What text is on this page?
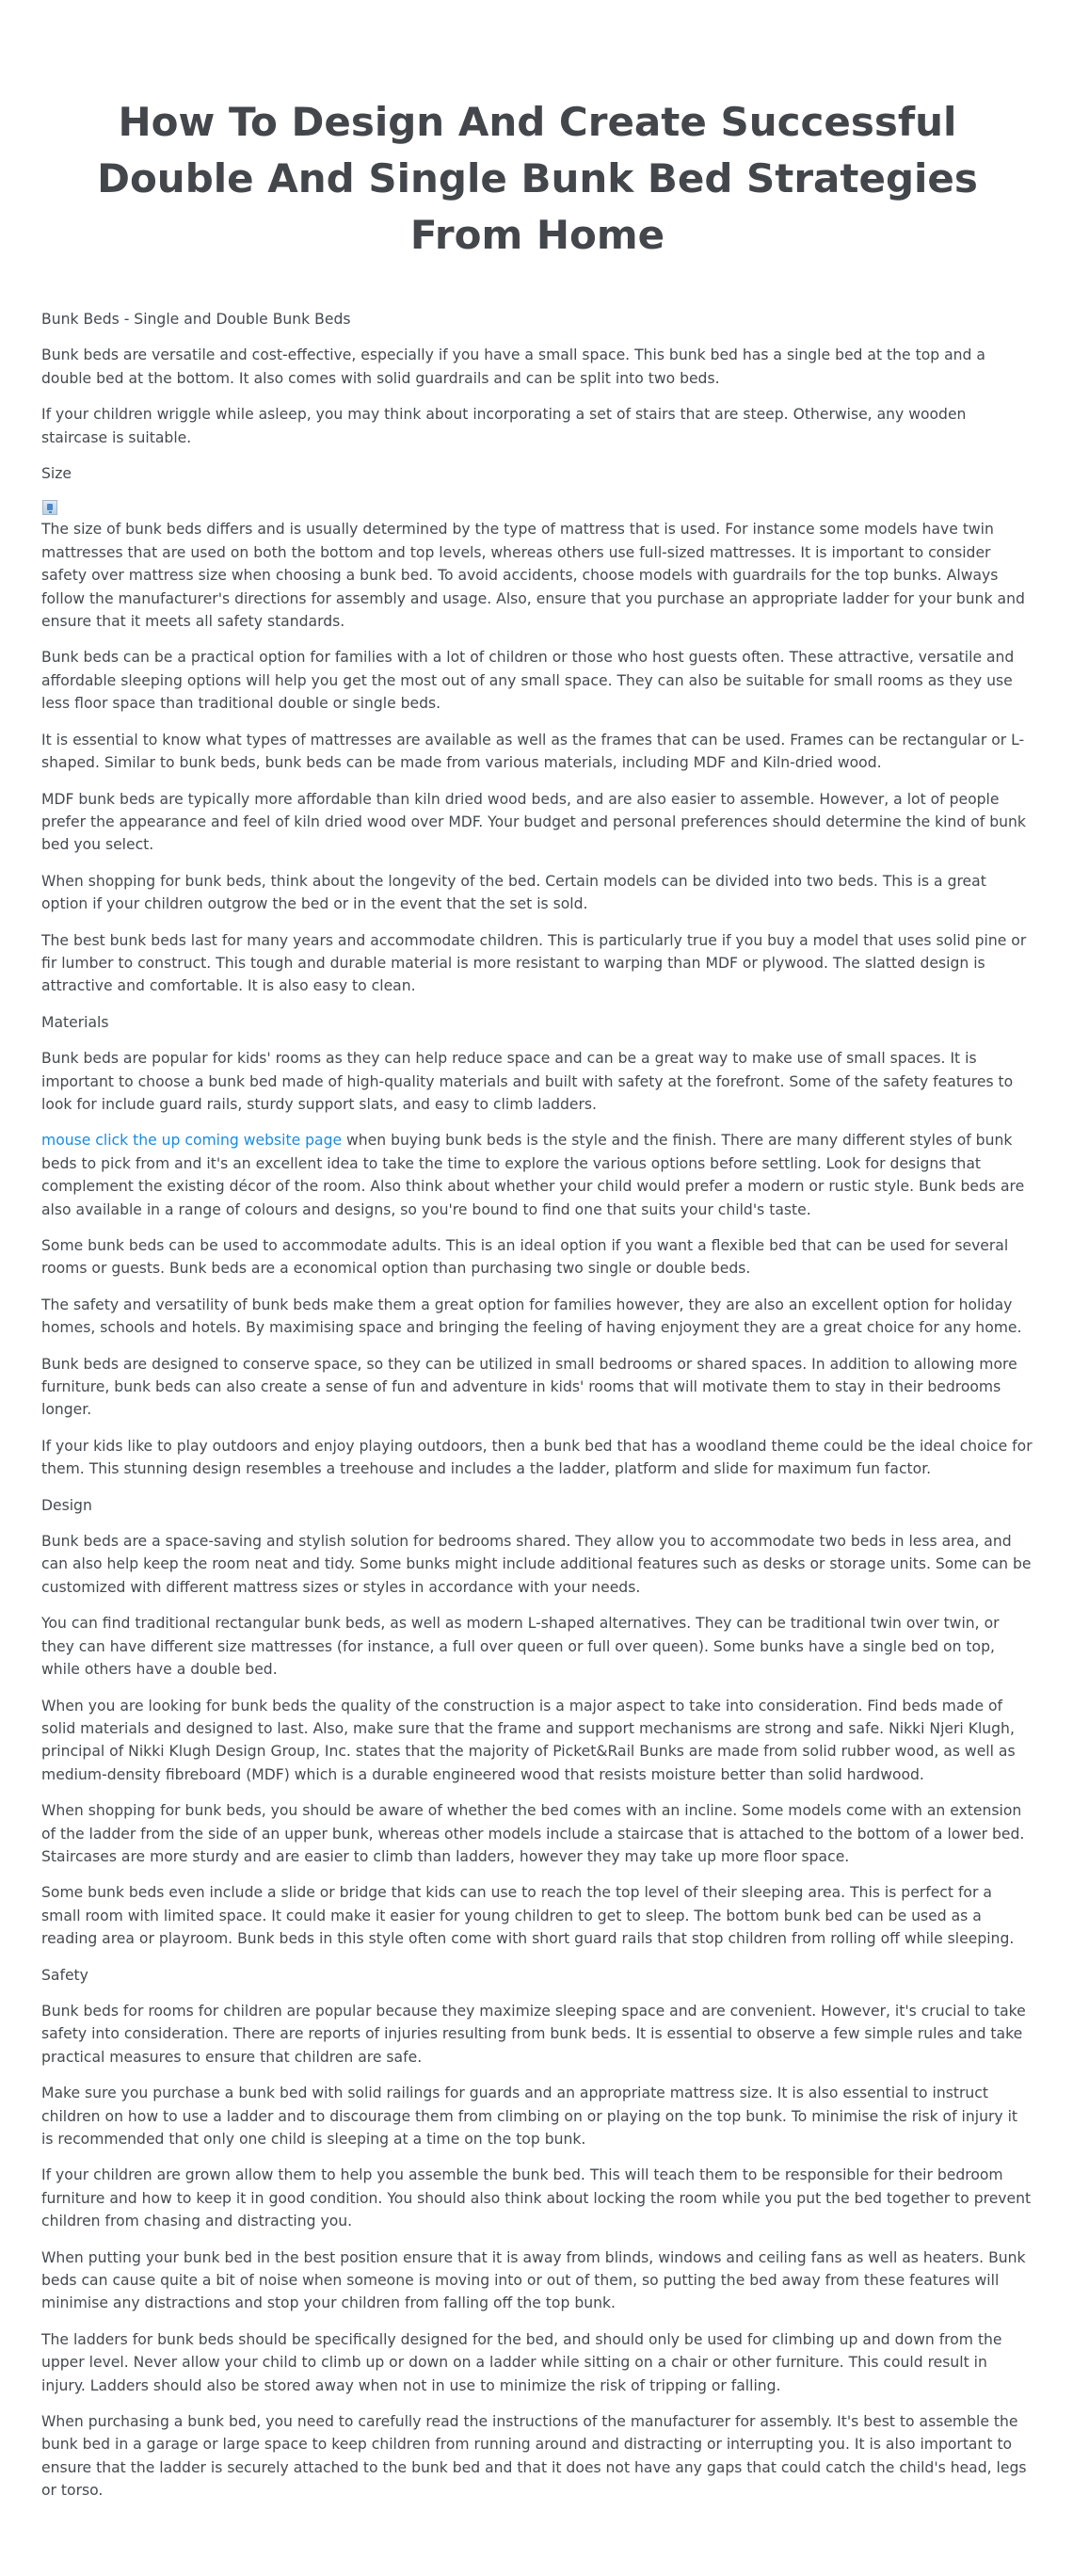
How To Design And Create Successful Double And Single Bunk Bed Strategies From Home

Bunk Beds - Single and Double Bunk Beds

Bunk beds are versatile and cost-effective, especially if you have a small space. This bunk bed has a single bed at the top and a double bed at the bottom. It also comes with solid guardrails and can be split into two beds.

If your children wriggle while asleep, you may think about incorporating a set of stairs that are steep. Otherwise, any wooden staircase is suitable.

Size

The size of bunk beds differs and is usually determined by the type of mattress that is used. For instance some models have twin mattresses that are used on both the bottom and top levels, whereas others use full-sized mattresses. It is important to consider safety over mattress size when choosing a bunk bed. To avoid accidents, choose models with guardrails for the top bunks. Always follow the manufacturer's directions for assembly and usage. Also, ensure that you purchase an appropriate ladder for your bunk and ensure that it meets all safety standards.

Bunk beds can be a practical option for families with a lot of children or those who host guests often. These attractive, versatile and affordable sleeping options will help you get the most out of any small space. They can also be suitable for small rooms as they use less floor space than traditional double or single beds.

It is essential to know what types of mattresses are available as well as the frames that can be used. Frames can be rectangular or L-shaped. Similar to bunk beds, bunk beds can be made from various materials, including MDF and Kiln-dried wood.

MDF bunk beds are typically more affordable than kiln dried wood beds, and are also easier to assemble. However, a lot of people prefer the appearance and feel of kiln dried wood over MDF. Your budget and personal preferences should determine the kind of bunk bed you select.

When shopping for bunk beds, think about the longevity of the bed. Certain models can be divided into two beds. This is a great option if your children outgrow the bed or in the event that the set is sold.

The best bunk beds last for many years and accommodate children. This is particularly true if you buy a model that uses solid pine or fir lumber to construct. This tough and durable material is more resistant to warping than MDF or plywood. The slatted design is attractive and comfortable. It is also easy to clean.

Materials

Bunk beds are popular for kids' rooms as they can help reduce space and can be a great way to make use of small spaces. It is important to choose a bunk bed made of high-quality materials and built with safety at the forefront. Some of the safety features to look for include guard rails, sturdy support slats, and easy to climb ladders.

mouse click the up coming website page when buying bunk beds is the style and the finish. There are many different styles of bunk beds to pick from and it's an excellent idea to take the time to explore the various options before settling. Look for designs that complement the existing décor of the room. Also think about whether your child would prefer a modern or rustic style. Bunk beds are also available in a range of colours and designs, so you're bound to find one that suits your child's taste.

Some bunk beds can be used to accommodate adults. This is an ideal option if you want a flexible bed that can be used for several rooms or guests. Bunk beds are a economical option than purchasing two single or double beds.

The safety and versatility of bunk beds make them a great option for families however, they are also an excellent option for holiday homes, schools and hotels. By maximising space and bringing the feeling of having enjoyment they are a great choice for any home.

Bunk beds are designed to conserve space, so they can be utilized in small bedrooms or shared spaces. In addition to allowing more furniture, bunk beds can also create a sense of fun and adventure in kids' rooms that will motivate them to stay in their bedrooms longer.

If your kids like to play outdoors and enjoy playing outdoors, then a bunk bed that has a woodland theme could be the ideal choice for them. This stunning design resembles a treehouse and includes a the ladder, platform and slide for maximum fun factor.

Design

Bunk beds are a space-saving and stylish solution for bedrooms shared. They allow you to accommodate two beds in less area, and can also help keep the room neat and tidy. Some bunks might include additional features such as desks or storage units. Some can be customized with different mattress sizes or styles in accordance with your needs.

You can find traditional rectangular bunk beds, as well as modern L-shaped alternatives. They can be traditional twin over twin, or they can have different size mattresses (for instance, a full over queen or full over queen). Some bunks have a single bed on top, while others have a double bed.

When you are looking for bunk beds the quality of the construction is a major aspect to take into consideration. Find beds made of solid materials and designed to last. Also, make sure that the frame and support mechanisms are strong and safe. Nikki Njeri Klugh, principal of Nikki Klugh Design Group, Inc. states that the majority of Picket&Rail Bunks are made from solid rubber wood, as well as medium-density fibreboard (MDF) which is a durable engineered wood that resists moisture better than solid hardwood.

When shopping for bunk beds, you should be aware of whether the bed comes with an incline. Some models come with an extension of the ladder from the side of an upper bunk, whereas other models include a staircase that is attached to the bottom of a lower bed. Staircases are more sturdy and are easier to climb than ladders, however they may take up more floor space.

Some bunk beds even include a slide or bridge that kids can use to reach the top level of their sleeping area. This is perfect for a small room with limited space. It could make it easier for young children to get to sleep. The bottom bunk bed can be used as a reading area or playroom. Bunk beds in this style often come with short guard rails that stop children from rolling off while sleeping.

Safety

Bunk beds for rooms for children are popular because they maximize sleeping space and are convenient. However, it's crucial to take safety into consideration. There are reports of injuries resulting from bunk beds. It is essential to observe a few simple rules and take practical measures to ensure that children are safe.

Make sure you purchase a bunk bed with solid railings for guards and an appropriate mattress size. It is also essential to instruct children on how to use a ladder and to discourage them from climbing on or playing on the top bunk. To minimise the risk of injury it is recommended that only one child is sleeping at a time on the top bunk.

If your children are grown allow them to help you assemble the bunk bed. This will teach them to be responsible for their bedroom furniture and how to keep it in good condition. You should also think about locking the room while you put the bed together to prevent children from chasing and distracting you.

When putting your bunk bed in the best position ensure that it is away from blinds, windows and ceiling fans as well as heaters. Bunk beds can cause quite a bit of noise when someone is moving into or out of them, so putting the bed away from these features will minimise any distractions and stop your children from falling off the top bunk.

The ladders for bunk beds should be specifically designed for the bed, and should only be used for climbing up and down from the upper level. Never allow your child to climb up or down on a ladder while sitting on a chair or other furniture. This could result in injury. Ladders should also be stored away when not in use to minimize the risk of tripping or falling.

When purchasing a bunk bed, you need to carefully read the instructions of the manufacturer for assembly. It's best to assemble the bunk bed in a garage or large space to keep children from running around and distracting or interrupting you. It is also important to ensure that the ladder is securely attached to the bunk bed and that it does not have any gaps that could catch the child's head, legs or torso.
